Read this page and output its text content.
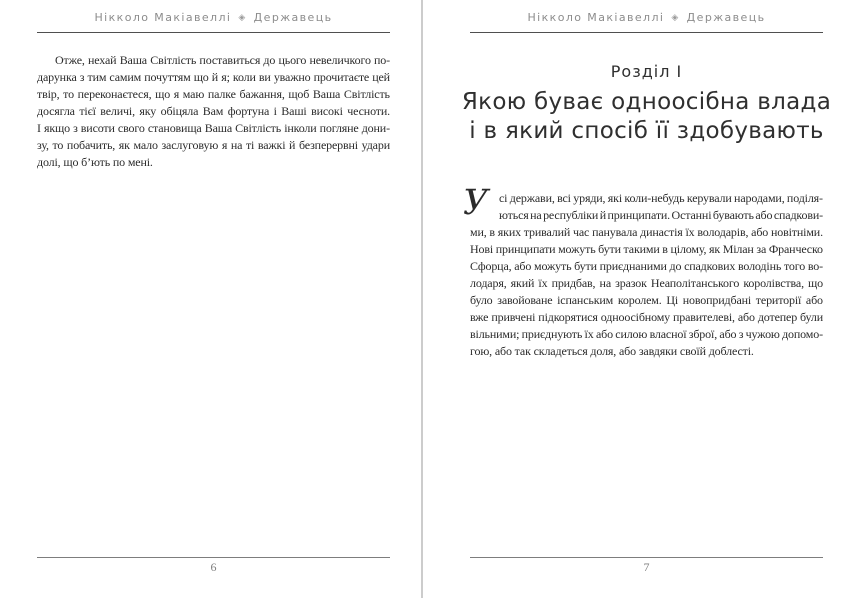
Нікколо Макіавеллі ◈ Державець
Отже, нехай Ваша Світлість поставиться до цього невеличкого по-
дарунка з тим самим почуттям що й я; коли ви уважно прочитаєте цей
твір, то переконаєтеся, що я маю палке бажання, щоб Ваша Світлість
досягла тієї величі, яку обіцяла Вам фортуна і Ваші високі чесноти.
І якщо з висоти свого становища Ваша Світлість інколи погляне дони-
зу, то побачить, як мало заслуговую я на ті важкі й безперервні удари
долі, що б’ють по мені.
6
Нікколо Макіавеллі ◈ Державець
Розділ І
Якою буває одноосібна влада
і в який спосіб її здобувають
У сі держави, всі уряди, які коли-небудь керували народами, поділя-
ються на республіки й принципати. Останні бувають або спадкови-
ми, в яких тривалий час панувала династія їх володарів, або новітніми.
Нові принципати можуть бути такими в цілому, як Мілан за Франческо
Сфорца, або можуть бути приєднаними до спадкових володінь того во-
лодаря, який їх придбав, на зразок Неаполітанського королівства, що
було завойоване іспанським королем. Ці новопридбані території або
вже привчені підкорятися одноосібному правителеві, або дотепер були
вільними; приєднують їх або силою власної зброї, або з чужою допомо-
гою, або так складеться доля, або завдяки своїй доблесті.
7
